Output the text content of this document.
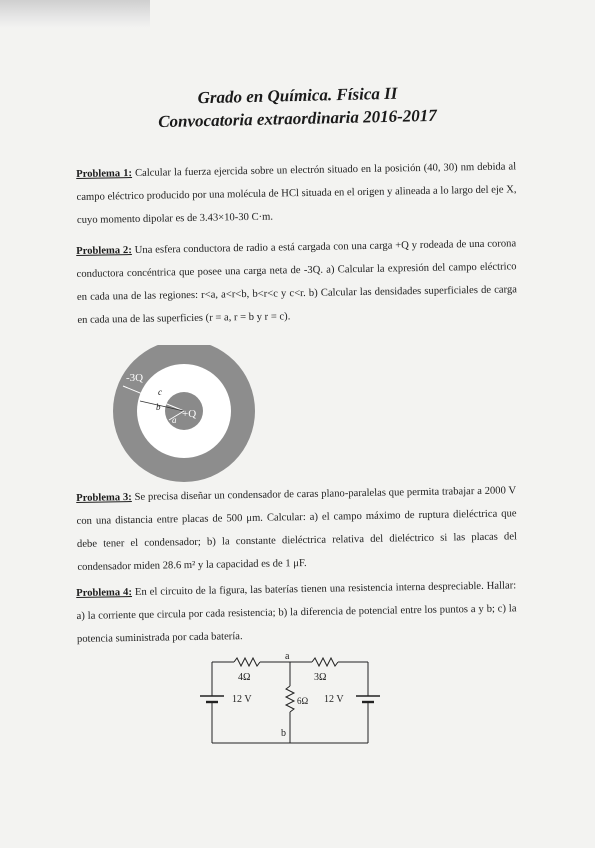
Grado en Química. Física II
Convocatoria extraordinaria 2016-2017
Problema 1: Calcular la fuerza ejercida sobre un electrón situado en la posición (40, 30) nm debida al campo eléctrico producido por una molécula de HCl situada en el origen y alineada a lo largo del eje X, cuyo momento dipolar es de 3.43×10-30 C·m.
Problema 2: Una esfera conductora de radio a está cargada con una carga +Q y rodeada de una corona conductora concéntrica que posee una carga neta de -3Q. a) Calcular la expresión del campo eléctrico en cada una de las regiones: r<a, a<r<b, b<r<c y c<r. b) Calcular las densidades superficiales de carga en cada una de las superficies (r = a, r = b y r = c).
-3Q
c
b
a +Q
Problema 3: Se precisa diseñar un condensador de caras plano-paralelas que permita trabajar a 2000 V con una distancia entre placas de 500 μm. Calcular: a) el campo máximo de ruptura dieléctrica que debe tener el condensador; b) la constante dieléctrica relativa del dieléctrico si las placas del condensador miden 28.6 m² y la capacidad es de 1 μF.
Problema 4: En el circuito de la figura, las baterías tienen una resistencia interna despreciable. Hallar: a) la corriente que circula por cada resistencia; b) la diferencia de potencial entre los puntos a y b; c) la potencia suministrada por cada batería.
a
b
4Ω	3Ω
6Ω
12 V	12 V
